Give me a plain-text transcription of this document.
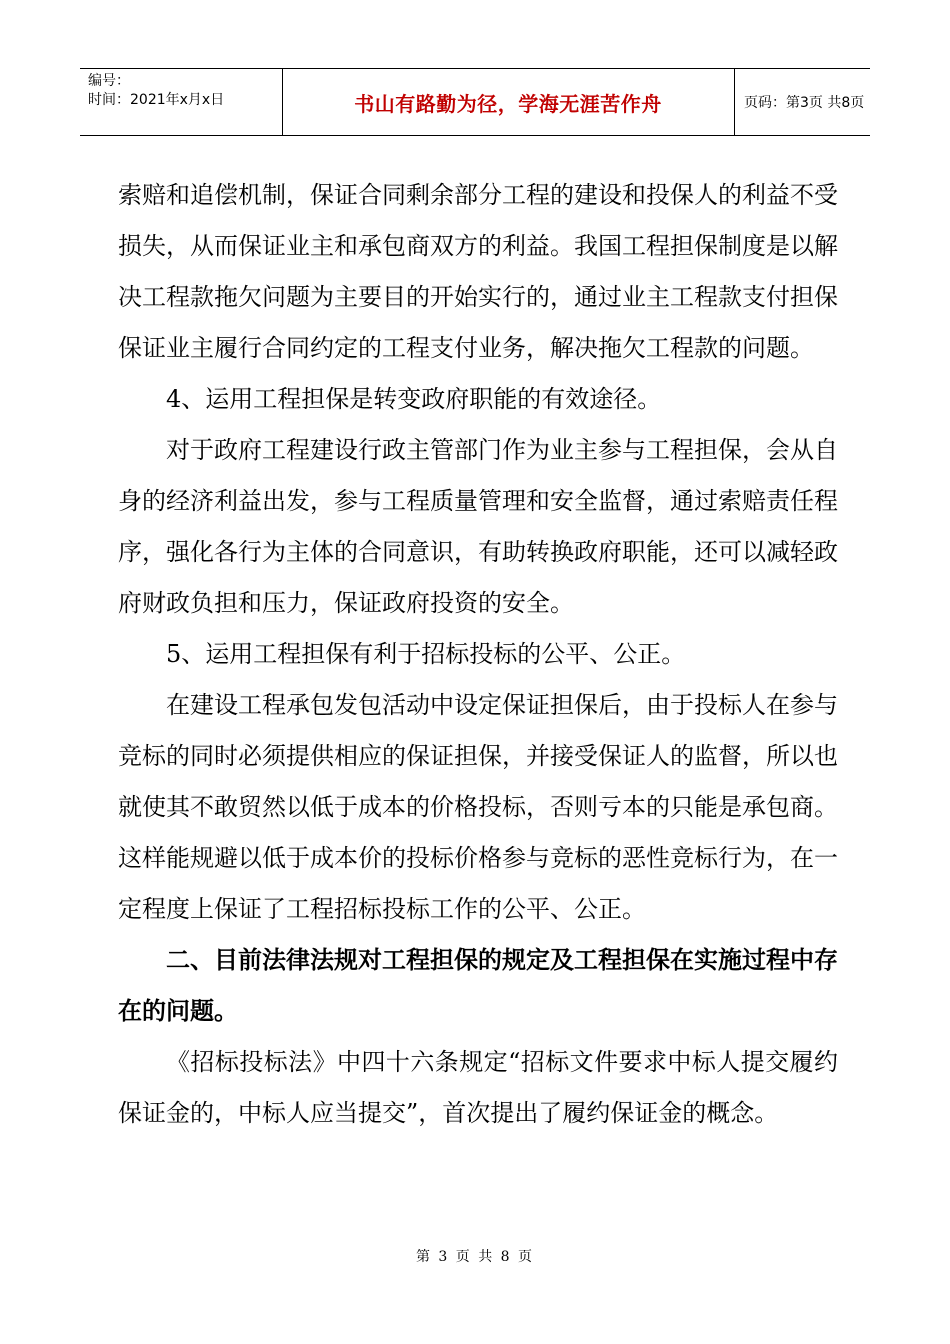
编号：
时间：2021年x月x日	书山有路勤为径，学海无涯苦作舟	页码：第3页 共8页

索赔和追偿机制，保证合同剩余部分工程的建设和投保人的利益不受损失，从而保证业主和承包商双方的利益。我国工程担保制度是以解决工程款拖欠问题为主要目的开始实行的，通过业主工程款支付担保保证业主履行合同约定的工程支付业务，解决拖欠工程款的问题。

4、运用工程担保是转变政府职能的有效途径。

对于政府工程建设行政主管部门作为业主参与工程担保，会从自身的经济利益出发，参与工程质量管理和安全监督，通过索赔责任程序，强化各行为主体的合同意识，有助转换政府职能，还可以减轻政府财政负担和压力，保证政府投资的安全。

5、运用工程担保有利于招标投标的公平、公正。

在建设工程承包发包活动中设定保证担保后，由于投标人在参与竞标的同时必须提供相应的保证担保，并接受保证人的监督，所以也就使其不敢贸然以低于成本的价格投标，否则亏本的只能是承包商。这样能规避以低于成本价的投标价格参与竞标的恶性竞标行为，在一定程度上保证了工程招标投标工作的公平、公正。

二、目前法律法规对工程担保的规定及工程担保在实施过程中存在的问题。

《招标投标法》中四十六条规定“招标文件要求中标人提交履约保证金的，中标人应当提交”，首次提出了履约保证金的概念。

第 3 页 共 8 页
